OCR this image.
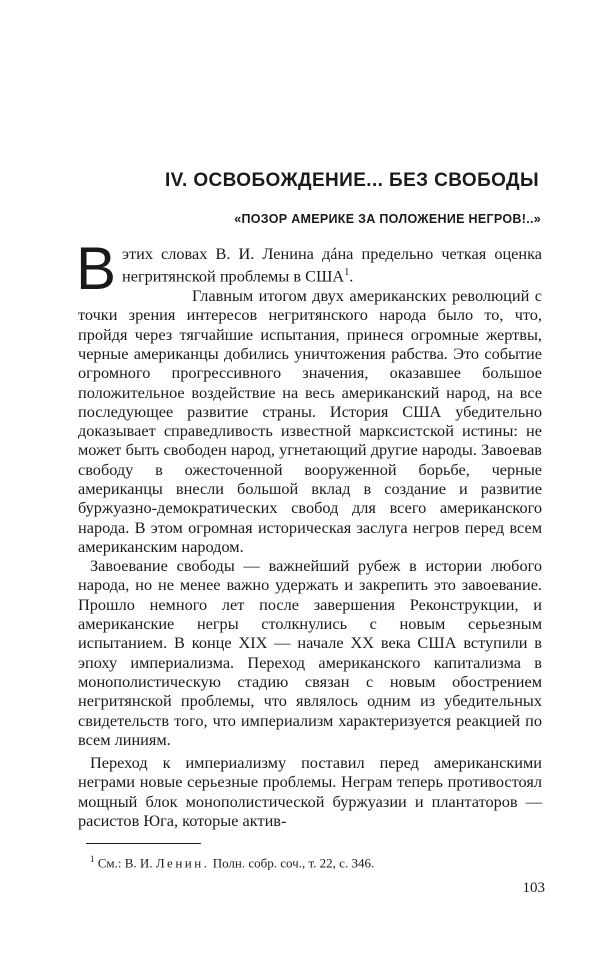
IV. ОСВОБОЖДЕНИЕ... БЕЗ СВОБОДЫ
«ПОЗОР АМЕРИКЕ ЗА ПОЛОЖЕНИЕ НЕГРОВ!..»

Вэтих словах В. И. Ленина дáна предельно четкая оценка негритянской проблемы в США$^1$.

Главным итогом двух американских революций с точки зрения интересов негритянского народа было то, что, пройдя через тягчайшие испытания, принеся огромные жертвы, черные американцы добились уничтожения рабства. Это событие огромного прогрессивного значения, оказавшее большое положительное воздействие на весь американский народ, на все последующее развитие страны. История США убедительно доказывает справедливость известной марксистской истины: не может быть свободен народ, угнетающий другие народы. Завоевав свободу в ожесточенной вооруженной борьбе, черные американцы внесли большой вклад в создание и развитие буржуазно-демократических свобод для всего американского народа. В этом огромная историческая заслуга негров перед всем американским народом.

Завоевание свободы — важнейший рубеж в истории любого народа, но не менее важно удержать и закрепить это завоевание. Прошло немного лет после завершения Реконструкции, и американские негры столкнулись с новым серьезным испытанием. В конце XIX — начале XX века США вступили в эпоху империализма. Переход американского капитализма в монополистическую стадию связан с новым обострением негритянской проблемы, что являлось одним из убедительных свидетельств того, что империализм характеризуется реакцией по всем линиям.

Переход к империализму поставил перед американскими неграми новые серьезные проблемы. Неграм теперь противостоял мощный блок монополистической буржуазии и плантаторов — расистов Юга, которые актив-

$^1$ См.: В. И. Ленин. Полн. собр. соч., т. 22, с. 346.
103
